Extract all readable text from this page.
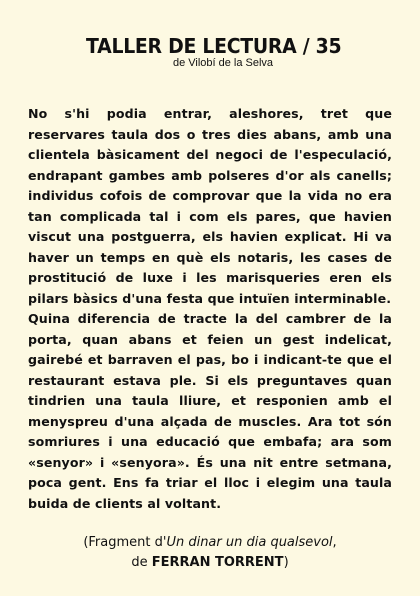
TALLER DE LECTURA / 35
de Vilobí de la Selva

No s'hi podia entrar, aleshores, tret que reservares taula dos o tres dies abans, amb una clientela bàsicament del negoci de l'especulació, endrapant gambes amb polseres d'or als canells; individus cofois de comprovar que la vida no era tan complicada tal i com els pares, que havien viscut una postguerra, els havien explicat. Hi va haver un temps en què els notaris, les cases de prostitució de luxe i les marisqueries eren els pilars bàsics d'una festa que intuïen interminable.

Quina diferencia de tracte la del cambrer de la porta, quan abans et feien un gest indelicat, gairebé et barraven el pas, bo i indicant-te que el restaurant estava ple. Si els preguntaves quan tindrien una taula lliure, et responien amb el menyspreu d'una alçada de muscles. Ara tot són somriures i una educació que embafa; ara som «senyor» i «senyora». És una nit entre setmana, poca gent. Ens fa triar el lloc i elegim una taula buida de clients al voltant.

(Fragment d'Un dinar un dia qualsevol,
de FERRAN TORRENT)
